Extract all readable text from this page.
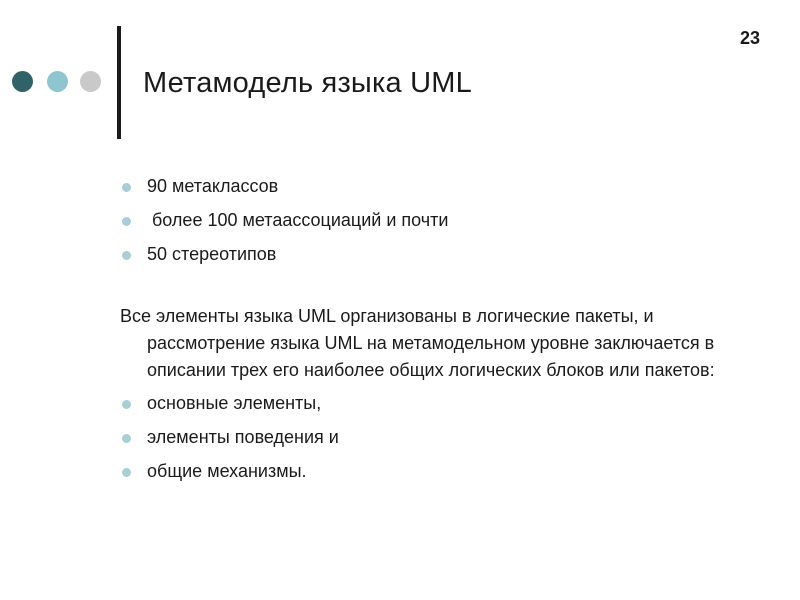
23
Метамодель языка UML
90 метаклассов
более 100 метаассоциаций и почти
50 стереотипов
Все элементы языка UML организованы в логические пакеты, и рассмотрение языка UML на метамодельном уровне заключается в описании трех его наиболее общих логических блоков или пакетов:
основные элементы,
элементы поведения и
общие механизмы.
